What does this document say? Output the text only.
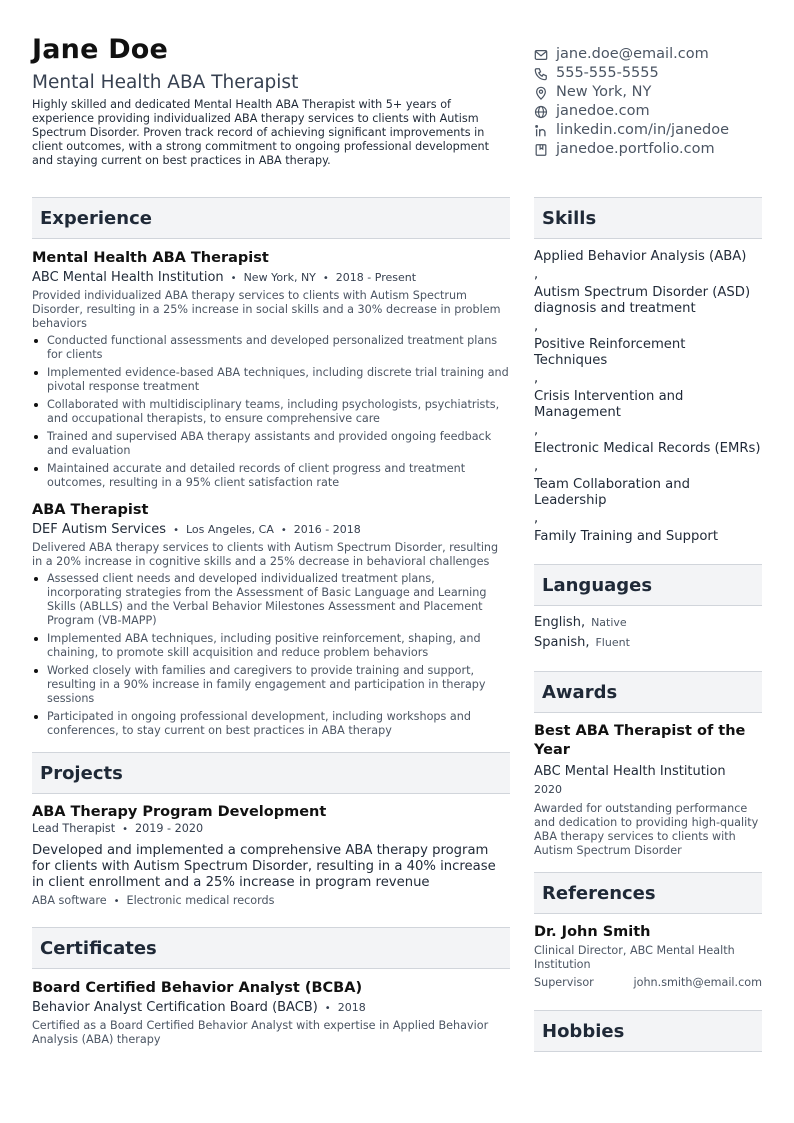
Jane Doe
Mental Health ABA Therapist
Highly skilled and dedicated Mental Health ABA Therapist with 5+ years of experience providing individualized ABA therapy services to clients with Autism Spectrum Disorder. Proven track record of achieving significant improvements in client outcomes, with a strong commitment to ongoing professional development and staying current on best practices in ABA therapy.
jane.doe@email.com
555-555-5555
New York, NY
janedoe.com
linkedin.com/in/janedoe
janedoe.portfolio.com
Experience
Mental Health ABA Therapist
ABC Mental Health Institution • New York, NY • 2018 - Present
Provided individualized ABA therapy services to clients with Autism Spectrum Disorder, resulting in a 25% increase in social skills and a 30% decrease in problem behaviors
Conducted functional assessments and developed personalized treatment plans for clients
Implemented evidence-based ABA techniques, including discrete trial training and pivotal response treatment
Collaborated with multidisciplinary teams, including psychologists, psychiatrists, and occupational therapists, to ensure comprehensive care
Trained and supervised ABA therapy assistants and provided ongoing feedback and evaluation
Maintained accurate and detailed records of client progress and treatment outcomes, resulting in a 95% client satisfaction rate
ABA Therapist
DEF Autism Services • Los Angeles, CA • 2016 - 2018
Delivered ABA therapy services to clients with Autism Spectrum Disorder, resulting in a 20% increase in cognitive skills and a 25% decrease in behavioral challenges
Assessed client needs and developed individualized treatment plans, incorporating strategies from the Assessment of Basic Language and Learning Skills (ABLLS) and the Verbal Behavior Milestones Assessment and Placement Program (VB-MAPP)
Implemented ABA techniques, including positive reinforcement, shaping, and chaining, to promote skill acquisition and reduce problem behaviors
Worked closely with families and caregivers to provide training and support, resulting in a 90% increase in family engagement and participation in therapy sessions
Participated in ongoing professional development, including workshops and conferences, to stay current on best practices in ABA therapy
Projects
ABA Therapy Program Development
Lead Therapist • 2019 - 2020
Developed and implemented a comprehensive ABA therapy program for clients with Autism Spectrum Disorder, resulting in a 40% increase in client enrollment and a 25% increase in program revenue
ABA software • Electronic medical records
Certificates
Board Certified Behavior Analyst (BCBA)
Behavior Analyst Certification Board (BACB) • 2018
Certified as a Board Certified Behavior Analyst with expertise in Applied Behavior Analysis (ABA) therapy
Skills
Applied Behavior Analysis (ABA)
,
Autism Spectrum Disorder (ASD) diagnosis and treatment
,
Positive Reinforcement Techniques
,
Crisis Intervention and Management
,
Electronic Medical Records (EMRs)
,
Team Collaboration and Leadership
,
Family Training and Support
Languages
English, Native
Spanish, Fluent
Awards
Best ABA Therapist of the Year
ABC Mental Health Institution
2020
Awarded for outstanding performance and dedication to providing high-quality ABA therapy services to clients with Autism Spectrum Disorder
References
Dr. John Smith
Clinical Director, ABC Mental Health Institution
Supervisor	john.smith@email.com
Hobbies
